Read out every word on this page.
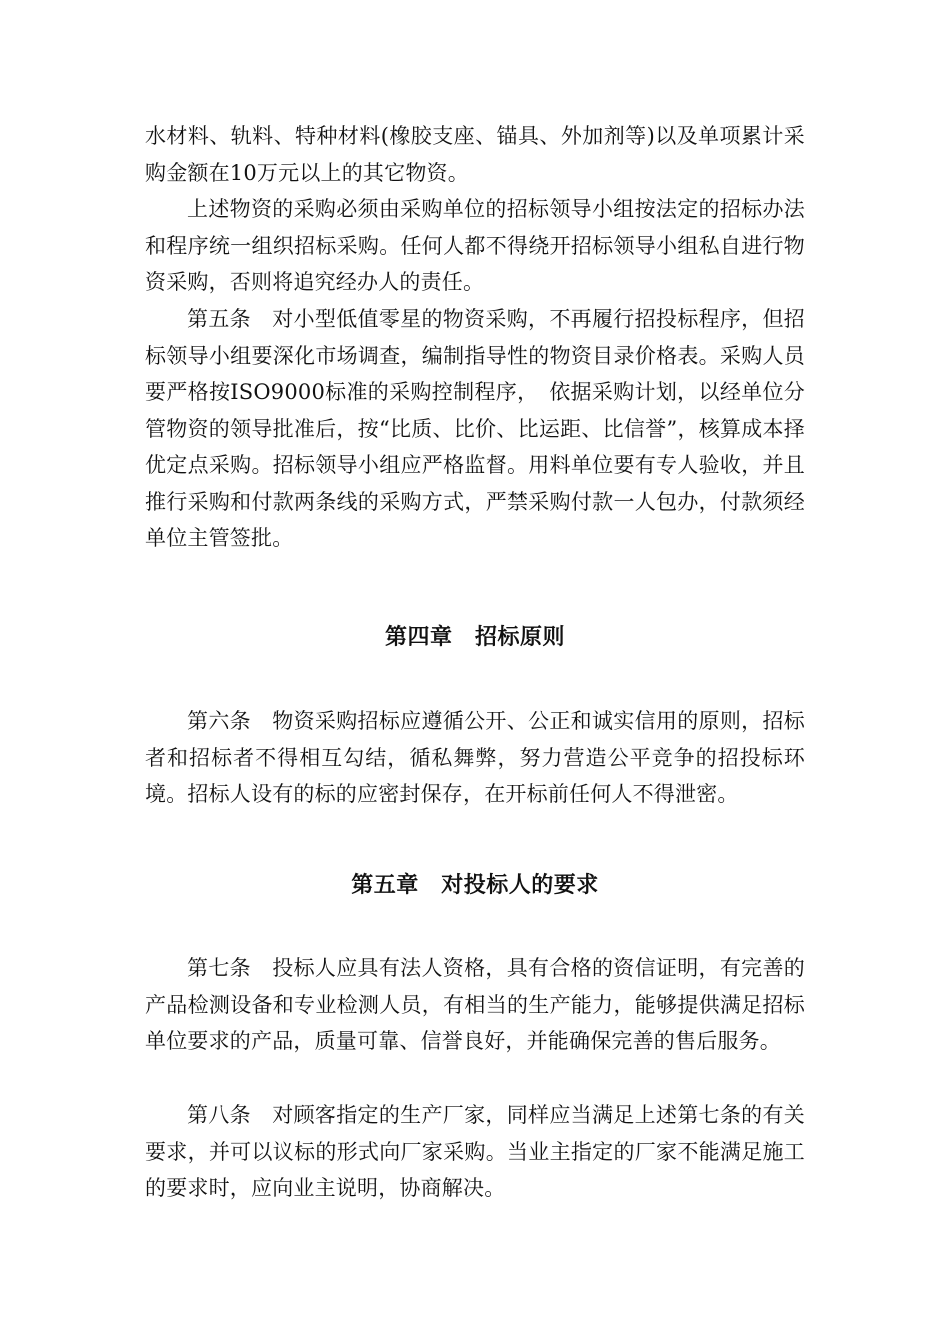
水材料、轨料、特种材料(橡胶支座、锚具、外加剂等)以及单项累计采购金额在10万元以上的其它物资。

上述物资的采购必须由采购单位的招标领导小组按法定的招标办法和程序统一组织招标采购。任何人都不得绕开招标领导小组私自进行物资采购，否则将追究经办人的责任。

第五条　对小型低值零星的物资采购，不再履行招投标程序，但招标领导小组要深化市场调查，编制指导性的物资目录价格表。采购人员要严格按ISO9000标准的采购控制程序，　依据采购计划，以经单位分管物资的领导批准后，按“比质、比价、比运距、比信誉”，核算成本择优定点采购。招标领导小组应严格监督。用料单位要有专人验收，并且推行采购和付款两条线的采购方式，严禁采购付款一人包办，付款须经单位主管签批。

第四章　招标原则

第六条　物资采购招标应遵循公开、公正和诚实信用的原则，招标者和招标者不得相互勾结，循私舞弊，努力营造公平竞争的招投标环境。招标人设有的标的应密封保存，在开标前任何人不得泄密。

第五章　对投标人的要求

第七条　投标人应具有法人资格，具有合格的资信证明，有完善的产品检测设备和专业检测人员，有相当的生产能力，能够提供满足招标单位要求的产品，质量可靠、信誉良好，并能确保完善的售后服务。

第八条　对顾客指定的生产厂家，同样应当满足上述第七条的有关要求，并可以议标的形式向厂家采购。当业主指定的厂家不能满足施工的要求时，应向业主说明，协商解决。
